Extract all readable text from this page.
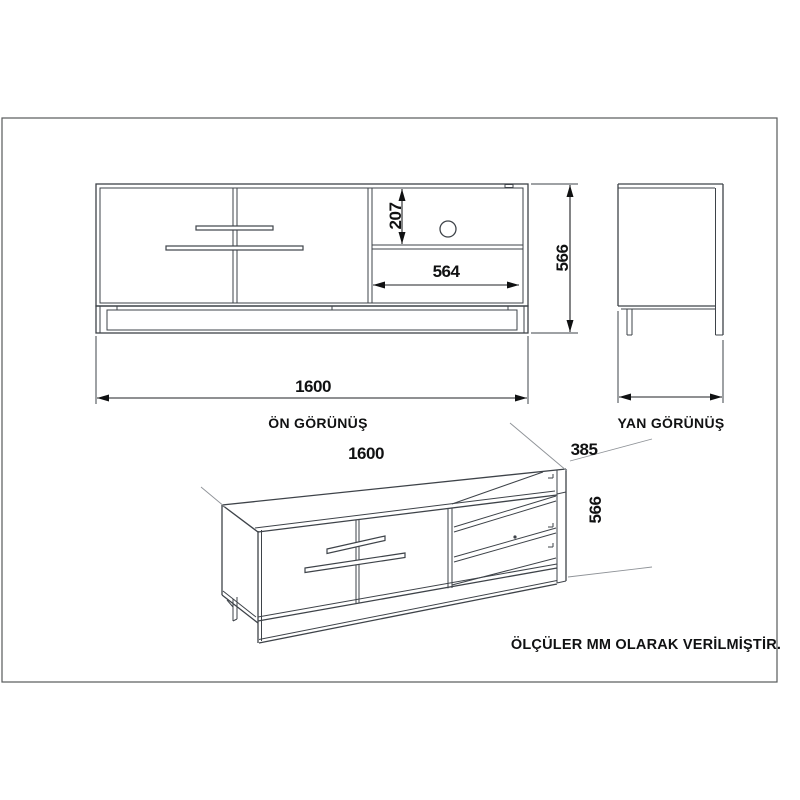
207
564
566
1600
ÖN GÖRÜNÜŞ	YAN GÖRÜNÜŞ
1600	385
566
ÖLÇÜLER MM OLARAK VERİLMİŞTİR.
